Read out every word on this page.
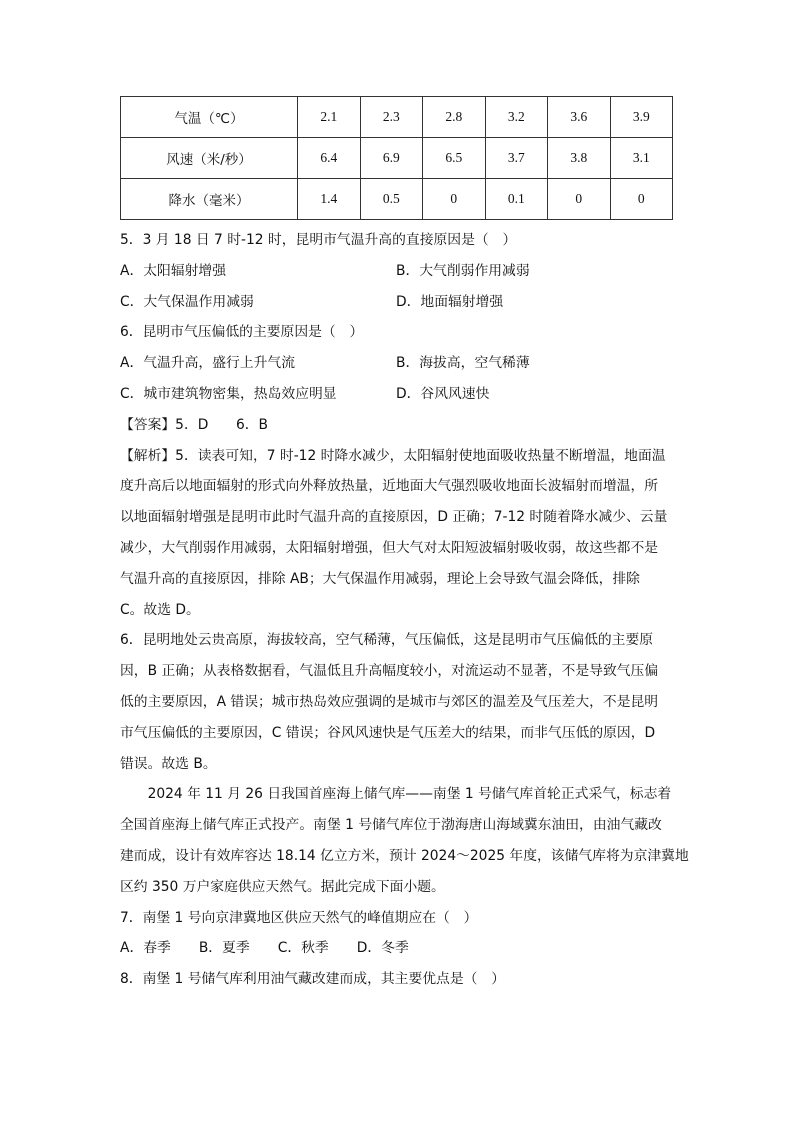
气温（℃）	2.1	2.3	2.8	3.2	3.6	3.9
风速（米/秒）	6.4	6.9	6.5	3.7	3.8	3.1
降水（毫米）	1.4	0.5	0	0.1	0	0
5．3 月 18 日 7 时-12 时，昆明市气温升高的直接原因是（　）
A．太阳辐射增强	B．大气削弱作用减弱
C．大气保温作用减弱	D．地面辐射增强
6．昆明市气压偏低的主要原因是（　）
A．气温升高，盛行上升气流	B．海拔高，空气稀薄
C．城市建筑物密集，热岛效应明显	D．谷风风速快
【答案】5．D　　6．B
【解析】5．读表可知，7 时-12 时降水减少，太阳辐射使地面吸收热量不断增温，地面温
度升高后以地面辐射的形式向外释放热量，近地面大气强烈吸收地面长波辐射而增温，所
以地面辐射增强是昆明市此时气温升高的直接原因，D 正确；7-12 时随着降水减少、云量
减少，大气削弱作用减弱，太阳辐射增强，但大气对太阳短波辐射吸收弱，故这些都不是
气温升高的直接原因，排除 AB；大气保温作用减弱，理论上会导致气温会降低，排除
C。故选 D。
6．昆明地处云贵高原，海拔较高，空气稀薄，气压偏低，这是昆明市气压偏低的主要原
因，B 正确；从表格数据看，气温低且升高幅度较小，对流运动不显著，不是导致气压偏
低的主要原因，A 错误；城市热岛效应强调的是城市与郊区的温差及气压差大，不是昆明
市气压偏低的主要原因，C 错误；谷风风速快是气压差大的结果，而非气压低的原因，D
错误。故选 B。
2024 年 11 月 26 日我国首座海上储气库——南堡 1 号储气库首轮正式采气，标志着
全国首座海上储气库正式投产。南堡 1 号储气库位于渤海唐山海域冀东油田，由油气藏改
建而成，设计有效库容达 18.14 亿立方米，预计 2024～2025 年度，该储气库将为京津冀地
区约 350 万户家庭供应天然气。据此完成下面小题。
7．南堡 1 号向京津冀地区供应天然气的峰值期应在（　）
A．春季 B．夏季 C．秋季 D．冬季
8．南堡 1 号储气库利用油气藏改建而成，其主要优点是（　）
